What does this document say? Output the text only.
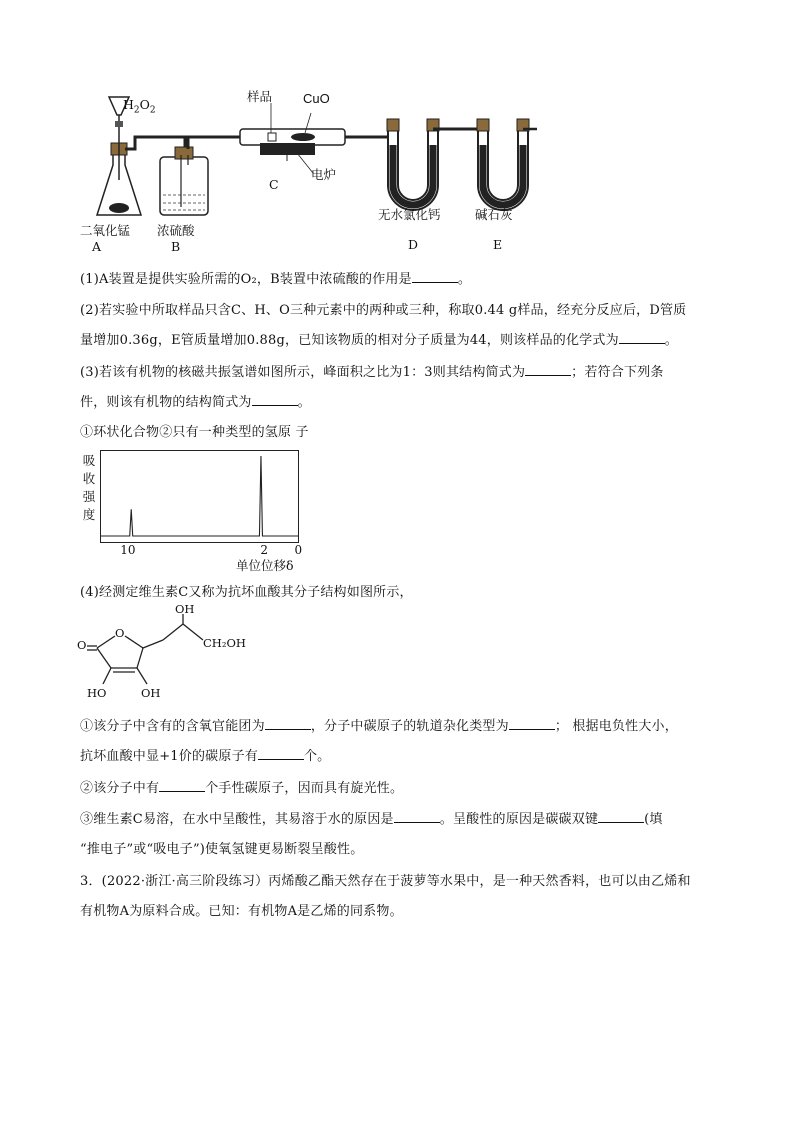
$H_2O_2$
样品 CuO
电炉
C
二氧化锰 浓硫酸
无水氯化钙	碱石灰
A	B	D	E
(1)A装置是提供实验所需的O₂，B装置中浓硫酸的作用是	。
(2)若实验中所取样品只含C、H、O三种元素中的两种或三种，称取0.44 g样品，经充分反应后，D管质
量增加0.36g，E管质量增加0.88g，已知该物质的相对分子质量为44，则该样品的化学式为	。
(3)若该有机物的核磁共振氢谱如图所示，峰面积之比为1：3则其结构简式为	；若符合下列条
件，则该有机物的结构简式为	。
①环状化合物②只有一种类型的氢原 子
吸
收
强
度
10	2 0
单位位移δ
(4)经测定维生素C又称为抗坏血酸其分子结构如图所示，
O
O
OH
CH₂OH
HO	OH
①该分子中含有的含氧官能团为	，分子中碳原子的轨道杂化类型为	； 根据电负性大小，
抗坏血酸中显+1价的碳原子有	个。
②该分子中有	个手性碳原子，因而具有旋光性。
③维生素C易溶，在水中呈酸性，其易溶于水的原因是	。呈酸性的原因是碳碳双键	(填
“推电子”或“吸电子”)使氧氢键更易断裂呈酸性。
3．(2022·浙江·高三阶段练习）丙烯酸乙酯天然存在于菠萝等水果中，是一种天然香料，也可以由乙烯和
有机物A为原料合成。已知：有机物A是乙烯的同系物。
